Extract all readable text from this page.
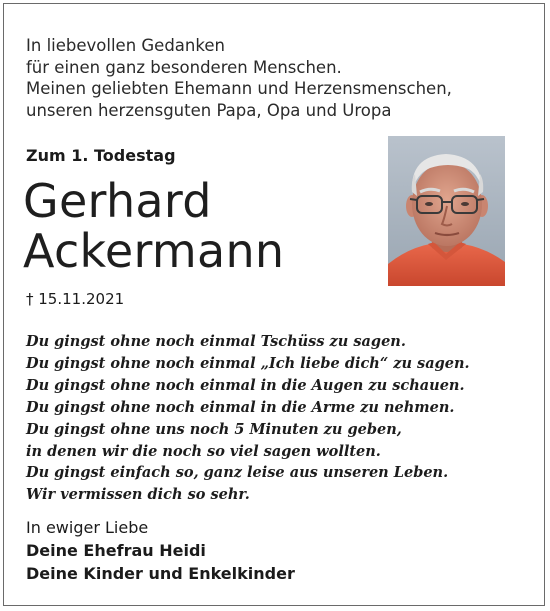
In liebevollen Gedanken
für einen ganz besonderen Menschen.
Meinen geliebten Ehemann und Herzensmenschen,
unseren herzensguten Papa, Opa und Uropa
Zum 1. Todestag
Gerhard
Ackermann
† 15.11.2021
Du gingst ohne noch einmal Tschüss zu sagen.
Du gingst ohne noch einmal „Ich liebe dich“ zu sagen.
Du gingst ohne noch einmal in die Augen zu schauen.
Du gingst ohne noch einmal in die Arme zu nehmen.
Du gingst ohne uns noch 5 Minuten zu geben,
in denen wir die noch so viel sagen wollten.
Du gingst einfach so, ganz leise aus unseren Leben.
Wir vermissen dich so sehr.
In ewiger Liebe
Deine Ehefrau Heidi
Deine Kinder und Enkelkinder
